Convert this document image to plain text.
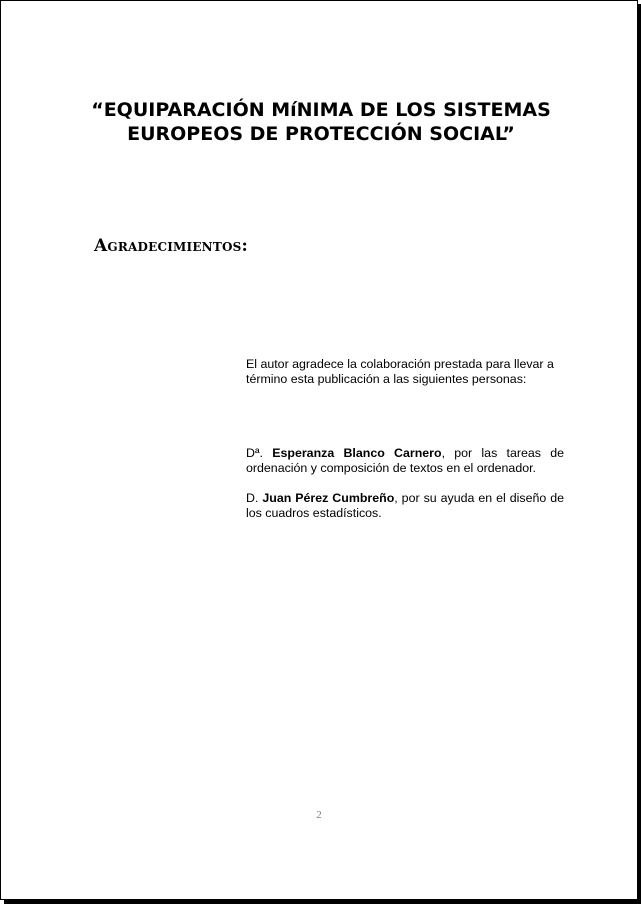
“EQUIPARACIÓN MíNIMA DE LOS SISTEMAS
EUROPEOS DE PROTECCIÓN SOCIAL”
Agradecimientos:
El autor agradece la colaboración prestada para llevar a término esta publicación a las siguientes personas:
Dª. Esperanza Blanco Carnero, por las tareas de ordenación y composición de textos en el ordenador.
D. Juan Pérez Cumbreño, por su ayuda en el diseño de los cuadros estadísticos.
2
